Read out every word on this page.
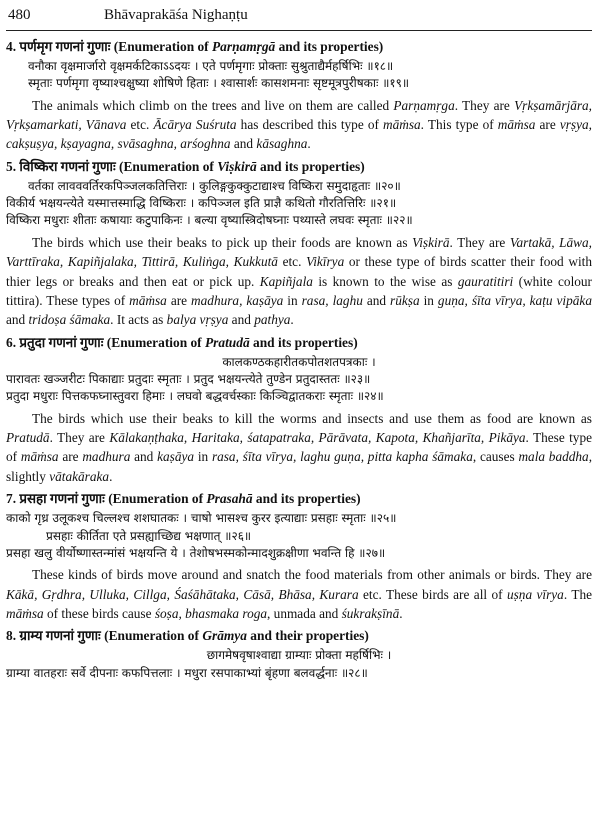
480	Bhāvaprakāśa Nighaṇṭu
4. पर्णमृग गणनां गुणाः (Enumeration of Parṇamṛgā and its properties)

वनौका वृक्षमार्जारो वृक्षमर्कटिकाऽऽदयः । एते पर्णमृगाः प्रोक्ताः सुश्रुताद्यैर्महर्षिभिः ॥१८॥

स्मृताः पर्णमृगा वृष्याश्चक्षुष्या शोषिणे हिताः । श्वासार्शः कासशमनाः सृष्टमूत्रपुरीषकाः ॥१९॥

The animals which climb on the trees and live on them are called Parṇamṛga. They are Vṛkṣamārjāra, Vṛkṣamarkati, Vānava etc. Ācārya Suśruta has described this type of māṁsa. This type of māṁsa are vṛṣya, cakṣuṣya, kṣayagna, svāsaghna, arśoghna and kāsaghna.

5. विष्किरा गणनां गुणाः (Enumeration of Viṣkirā and its properties)

वर्तका लावववर्तिरकपिञ्जलकतित्तिराः । कुलिङ्गकुक्कुटाद्याश्च विष्किरा समुदाहृताः ॥२०॥

विकीर्य भक्षयन्त्येते यस्मात्तस्माद्धि विष्किराः । कपिञ्जल इति प्राज्ञै कथितो गौरतित्तिरिः ॥२१॥

विष्किरा मधुराः शीताः कषायाः कटुपाकिनः । बल्या वृष्यास्त्रिदोषघ्नाः पथ्यास्ते लघवः स्मृताः ॥२२॥

The birds which use their beaks to pick up their foods are known as Viṣkirā. They are Vartakā, Lāwa, Varttīraka, Kapiñjalaka, Tittirā, Kuliṅga, Kukkutā etc. Vikīrya or these type of birds scatter their food with thier legs or breaks and then eat or pick up. Kapiñjala is known to the wise as gauratitiri (white colour tittira). These types of māṁsa are madhura, kaṣāya in rasa, laghu and rūkṣa in guṇa, śīta vīrya, kaṭu vipāka and tridoṣa śāmaka. It acts as balya vṛṣya and pathya.

6. प्रतुदा गणनां गुणाः (Enumeration of Pratudā and its properties)

कालकण्ठकहारीतकपोतशतपत्रकाः ।

पारावतः खञ्जरीटः पिकाद्याः प्रतुदाः स्मृताः । प्रतुद भक्षयन्त्येते तुण्डेन प्रतुदास्ततः ॥२३॥

प्रतुदा मधुराः पित्तकफघ्नास्तुवरा हिमाः । लघवो बद्धवर्चस्काः किञ्चिद्वातकराः स्मृताः ॥२४॥

The birds which use their beaks to kill the worms and insects and use them as food are known as Pratudā. They are Kālakaṇṭhaka, Haritaka, śatapatraka, Pārāvata, Kapota, Khañjarīta, Pikāya. These type of māṁsa are madhura and kaṣāya in rasa, śīta vīrya, laghu guṇa, pitta kapha śāmaka, causes mala baddha, slightly vātakāraka.

7. प्रसहा गणनां गुणाः (Enumeration of Prasahā and its properties)

काको गृध्र उलूकश्च चिल्लश्च शशघातकः । चाषो भासश्च कुरर इत्याद्याः प्रसहाः स्मृताः ॥२५॥

प्रसहाः कीर्तिता एते प्रसह्याच्छिद्य भक्षणात् ॥२६॥

प्रसहा खलु वीर्योष्णास्तन्मांसं भक्षयन्ति ये । तेशोषभस्मकोन्मादशुक्रक्षीणा भवन्ति हि ॥२७॥

These kinds of birds move around and snatch the food materials from other animals or birds. They are Kākā, Gṛdhra, Ulluka, Cillga, Śaśāhātaka, Cāsā, Bhāsa, Kurara etc. These birds are all of uṣṇa vīrya. The māṁsa of these birds cause śoṣa, bhasmaka roga, unmada and śukrakṣīnā.

8. ग्राम्य गणनां गुणाः (Enumeration of Grāmya and their properties)

छागमेषवृषाश्वाद्या ग्राम्याः प्रोक्ता महर्षिभिः ।

ग्राम्या वातहराः सर्वे दीपनाः कफपित्तलाः । मधुरा रसपाकाभ्यां बृंहणा बलवर्द्धनाः ॥२८॥
